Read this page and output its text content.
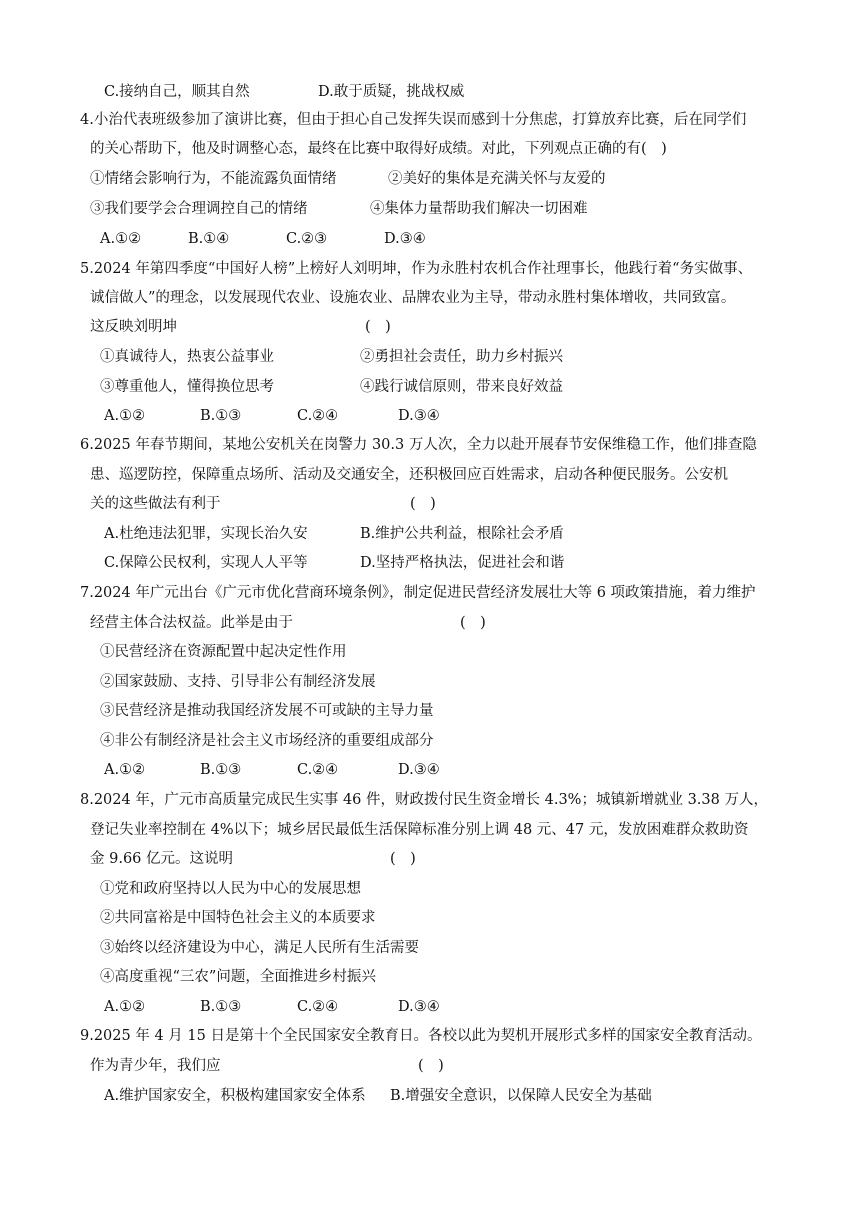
C.接纳自己，顺其自然	D.敢于质疑，挑战权威
4.小治代表班级参加了演讲比赛，但由于担心自己发挥失误而感到十分焦虑，打算放弃比赛，后在同学们
的关心帮助下，他及时调整心态，最终在比赛中取得好成绩。对此，下列观点正确的有( )
①情绪会影响行为，不能流露负面情绪	②美好的集体是充满关怀与友爱的
③我们要学会合理调控自己的情绪	④集体力量帮助我们解决一切困难
A.①②	B.①④	C.②③	D.③④
5.2024 年第四季度“中国好人榜”上榜好人刘明坤，作为永胜村农机合作社理事长，他践行着“务实做事、
诚信做人”的理念，以发展现代农业、设施农业、品牌农业为主导，带动永胜村集体增收，共同致富。
这反映刘明坤	( )
①真诚待人，热衷公益事业	②勇担社会责任，助力乡村振兴
③尊重他人，懂得换位思考	④践行诚信原则，带来良好效益
A.①②	B.①③	C.②④	D.③④
6.2025 年春节期间，某地公安机关在岗警力 30.3 万人次，全力以赴开展春节安保维稳工作，他们排查隐
患、巡逻防控，保障重点场所、活动及交通安全，还积极回应百姓需求，启动各种便民服务。公安机
关的这些做法有利于	( )
A.杜绝违法犯罪，实现长治久安	B.维护公共利益，根除社会矛盾
C.保障公民权利，实现人人平等	D.坚持严格执法，促进社会和谐
7.2024 年广元出台《广元市优化营商环境条例》，制定促进民营经济发展壮大等 6 项政策措施，着力维护
经营主体合法权益。此举是由于	( )
①民营经济在资源配置中起决定性作用
②国家鼓励、支持、引导非公有制经济发展
③民营经济是推动我国经济发展不可或缺的主导力量
④非公有制经济是社会主义市场经济的重要组成部分
A.①②	B.①③	C.②④	D.③④
8.2024 年，广元市高质量完成民生实事 46 件，财政拨付民生资金增长 4.3%；城镇新增就业 3.38 万人，
登记失业率控制在 4%以下；城乡居民最低生活保障标准分别上调 48 元、47 元，发放困难群众救助资
金 9.66 亿元。这说明	( )
①党和政府坚持以人民为中心的发展思想
②共同富裕是中国特色社会主义的本质要求
③始终以经济建设为中心，满足人民所有生活需要
④高度重视“三农”问题，全面推进乡村振兴
A.①②	B.①③	C.②④	D.③④
9.2025 年 4 月 15 日是第十个全民国家安全教育日。各校以此为契机开展形式多样的国家安全教育活动。
作为青少年，我们应	( )
A.维护国家安全，积极构建国家安全体系 B.增强安全意识，以保障人民安全为基础
